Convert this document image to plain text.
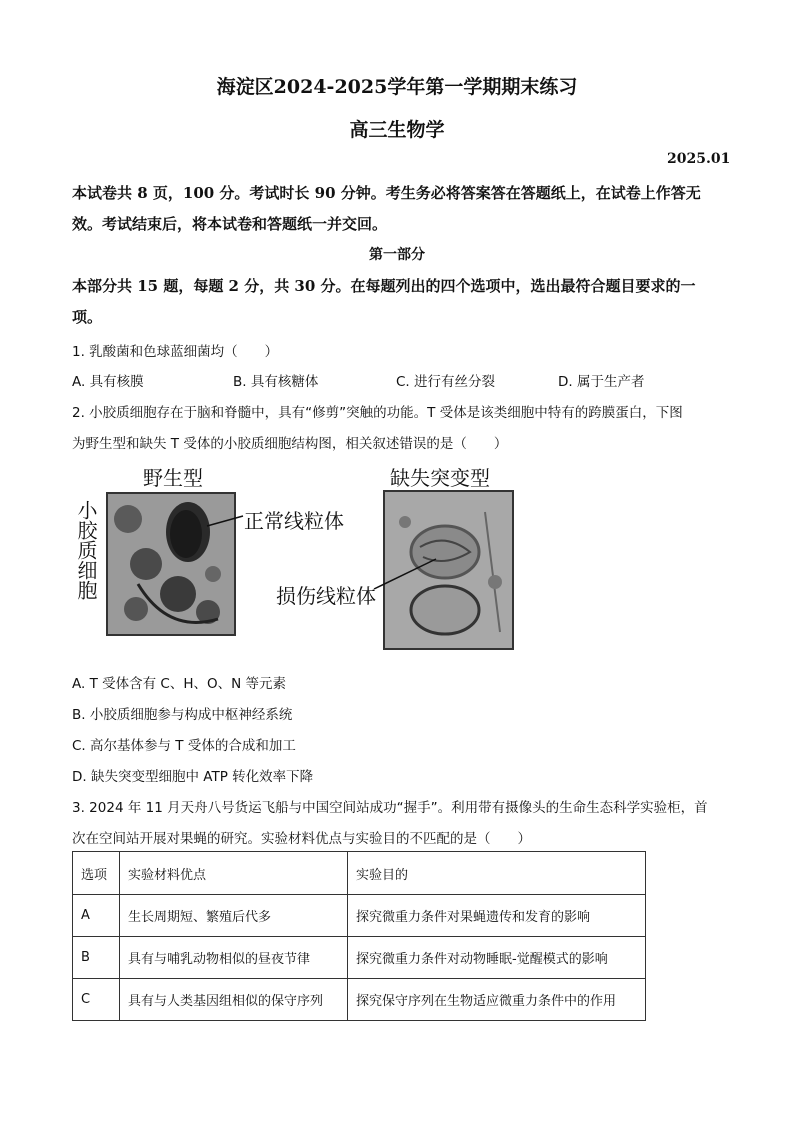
海淀区2024-2025学年第一学期期末练习
高三生物学
2025.01
本试卷共 8 页，100 分。考试时长 90 分钟。考生务必将答案答在答题纸上，在试卷上作答无
效。考试结束后，将本试卷和答题纸一并交回。
第一部分
本部分共 15 题，每题 2 分，共 30 分。在每题列出的四个选项中，选出最符合题目要求的一
项。
1. 乳酸菌和色球蓝细菌均（　　）
A. 具有核膜	B. 具有核糖体	C. 进行有丝分裂	D. 属于生产者
2. 小胶质细胞存在于脑和脊髓中，具有“修剪”突触的功能。T 受体是该类细胞中特有的跨膜蛋白，下图
为野生型和缺失 T 受体的小胶质细胞结构图，相关叙述错误的是（　　）
野生型	缺失突变型
小胶质细胞	正常线粒体
损伤线粒体
A. T 受体含有 C、H、O、N 等元素
B. 小胶质细胞参与构成中枢神经系统
C. 高尔基体参与 T 受体的合成和加工
D. 缺失突变型细胞中 ATP 转化效率下降
3. 2024 年 11 月天舟八号货运飞船与中国空间站成功“握手”。利用带有摄像头的生命生态科学实验柜，首
次在空间站开展对果蝇的研究。实验材料优点与实验目的不匹配的是（　　）
选项	实验材料优点	实验目的
A	生长周期短、繁殖后代多	探究微重力条件对果蝇遗传和发育的影响
B	具有与哺乳动物相似的昼夜节律	探究微重力条件对动物睡眠-觉醒模式的影响
C	具有与人类基因组相似的保守序列	探究保守序列在生物适应微重力条件中的作用
